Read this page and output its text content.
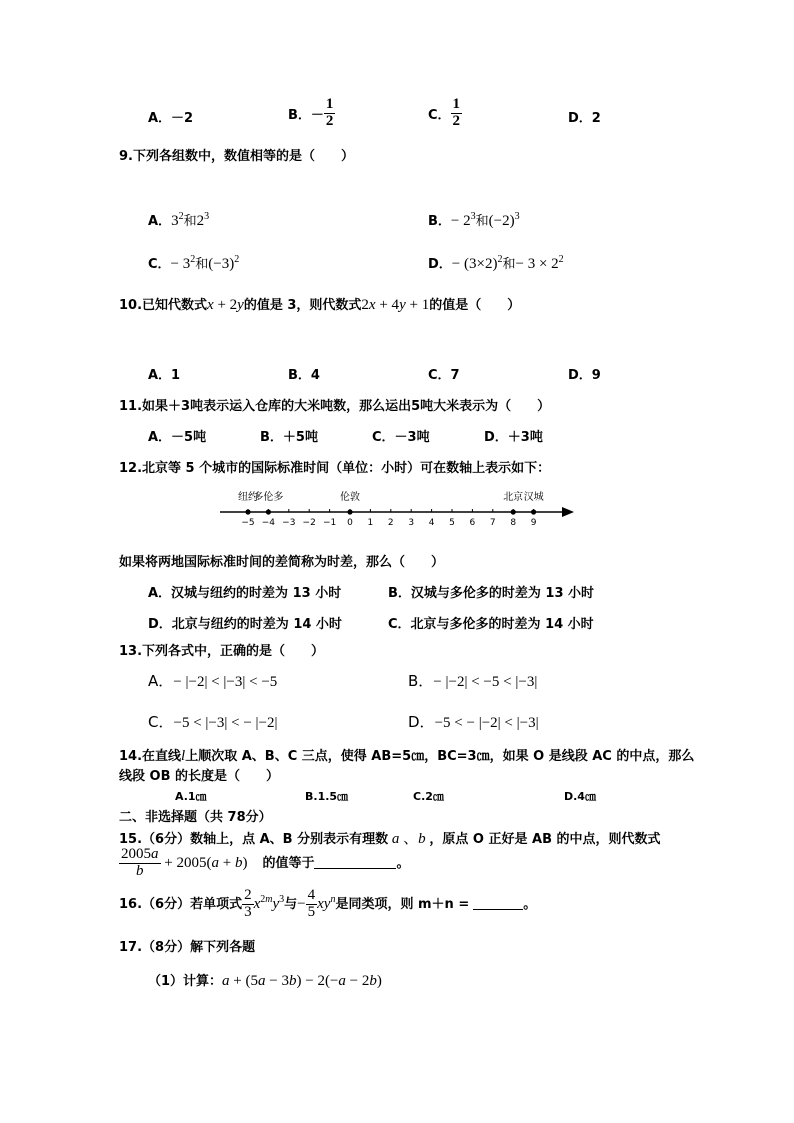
A．－2	B．－ $\frac{1}{2}$	C． $\frac{1}{2}$	D．2
9.下列各组数中，数值相等的是（　　）
A．$3^2$和$2^3$	B．− $2^3$和$(-2)^3$
C．− $3^2$和$(-3)^2$	D．− $(3\times 2)^2$和− $3 \times 2^2$
10.已知代数式x + 2y的值是 3，则代数式2x + 4y + 1的值是（　　）
A．1	B．4	C．7	D．9
11.如果＋3吨表示运入仓库的大米吨数，那么运出5吨大米表示为（　　）
A．－5吨	B．＋5吨	C．－3吨	D．＋3吨
12.北京等 5 个城市的国际标准时间（单位：小时）可在数轴上表示如下：
−5 −4 −3 −2 −1 0 1 2 3 4 5 6 7 8 9
纽约
多伦多	伦敦	北京 汉城
如果将两地国际标准时间的差简称为时差，那么（　　）
A．汉城与纽约的时差为 13 小时	B．汉城与多伦多的时差为 13 小时
D．北京与纽约的时差为 14 小时	C．北京与多伦多的时差为 14 小时
13.下列各式中，正确的是（　　）
A．− |−2| < |−3| < −5	B．− |−2| < −5 < |−3|
C．−5 < |−3| < − |−2|	D．−5 < − |−2| < |−3|
14.在直线l上顺次取 A、B、C 三点，使得 AB=5㎝，BC=3㎝，如果 O 是线段 AC 的中点，那么
线段 OB 的长度是（　　）
A.1㎝	B.1.5㎝	C.2㎝	D.4㎝
二、非选择题（共 78分）
15.（6分）数轴上，点 A、B 分别表示有理数 a 、b ，原点 O 正好是 AB 的中点，则代数式
$\frac{2005a}{b} + 2005(a + b)$　的值等于	。
16.（6分）若单项式 $\frac{2}{3} x^{2m}y^3$与− $\frac{4}{5} xy^n$是同类项，则 m＋n =	。
17.（8分）解下列各题
（1）计算：a + (5a − 3b) − 2(−a − 2b)
